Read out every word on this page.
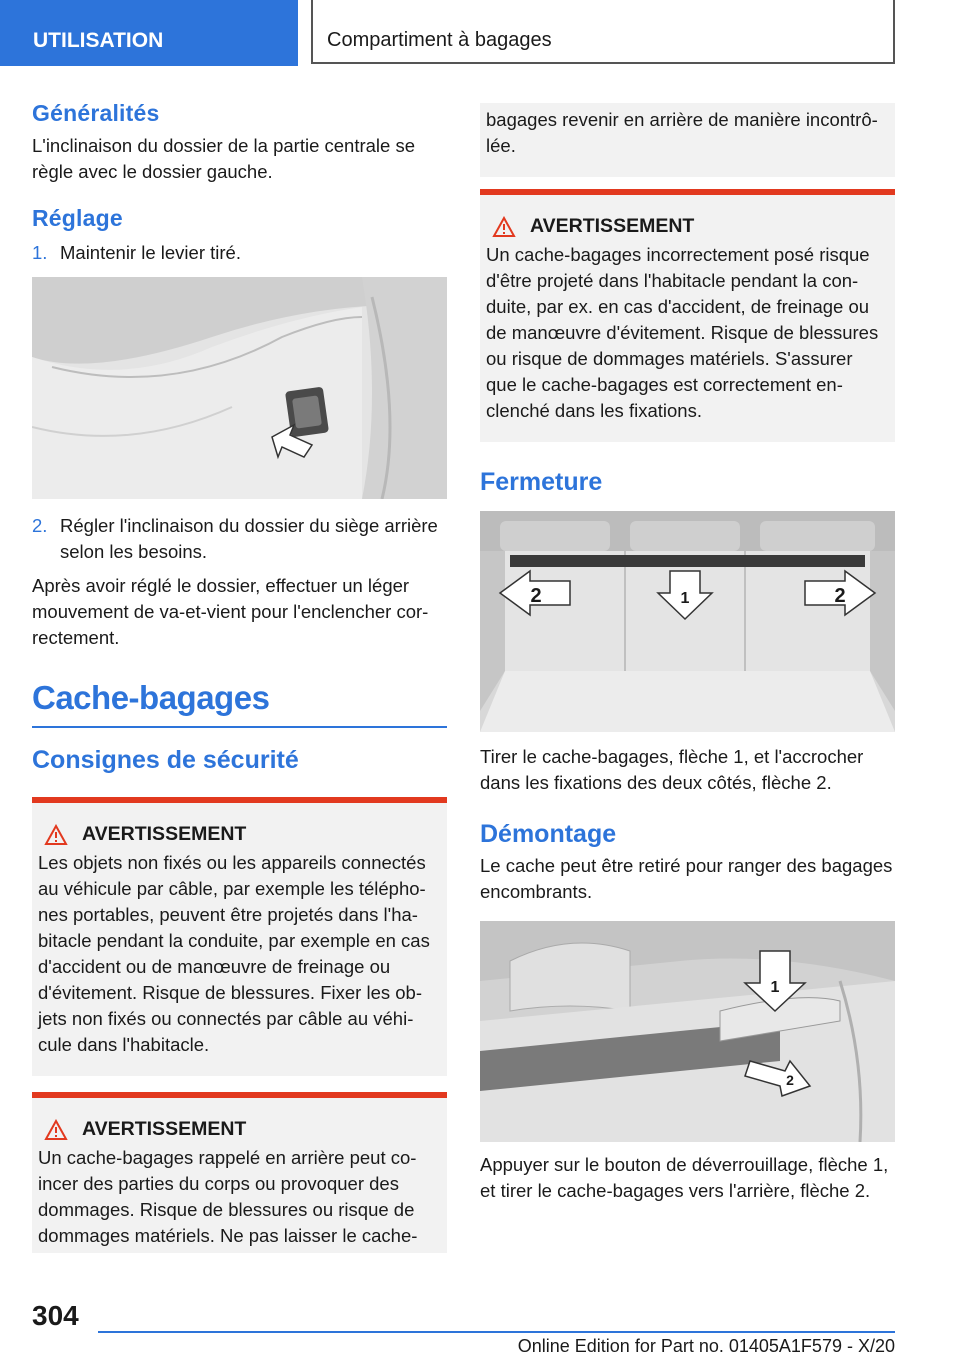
UTILISATION	Compartiment à bagages
Généralités

L'inclinaison du dossier de la partie centrale se règle avec le dossier gauche.

Réglage
1. Maintenir le levier tiré.
2. Régler l'inclinaison du dossier du siège arrière selon les besoins.

Après avoir réglé le dossier, effectuer un léger mouvement de va-et-vient pour l'enclencher correctement.

Cache-bagages
Consignes de sécurité
AVERTISSEMENT

Les objets non fixés ou les appareils connectés au véhicule par câble, par exemple les téléphones portables, peuvent être projetés dans l'habitacle pendant la conduite, par exemple en cas d'accident ou de manœuvre de freinage ou d'évitement. Risque de blessures. Fixer les objets non fixés ou connectés par câble au véhicule dans l'habitacle.

AVERTISSEMENT

Un cache-bagages rappelé en arrière peut coincer des parties du corps ou provoquer des dommages. Risque de blessures ou risque de dommages matériels. Ne pas laisser le cache-

bagages revenir en arrière de manière incontrôlée.

AVERTISSEMENT

Un cache-bagages incorrectement posé risque d'être projeté dans l'habitacle pendant la conduite, par ex. en cas d'accident, de freinage ou de manœuvre d'évitement. Risque de blessures ou risque de dommages matériels. S'assurer que le cache-bagages est correctement enclenché dans les fixations.

Fermeture
2	2
1

Tirer le cache-bagages, flèche 1, et l'accrocher dans les fixations des deux côtés, flèche 2.

Démontage

Le cache peut être retiré pour ranger des bagages encombrants.

1
2

Appuyer sur le bouton de déverrouillage, flèche 1, et tirer le cache-bagages vers l'arrière, flèche 2.

304
Online Edition for Part no. 01405A1F579 - X/20
